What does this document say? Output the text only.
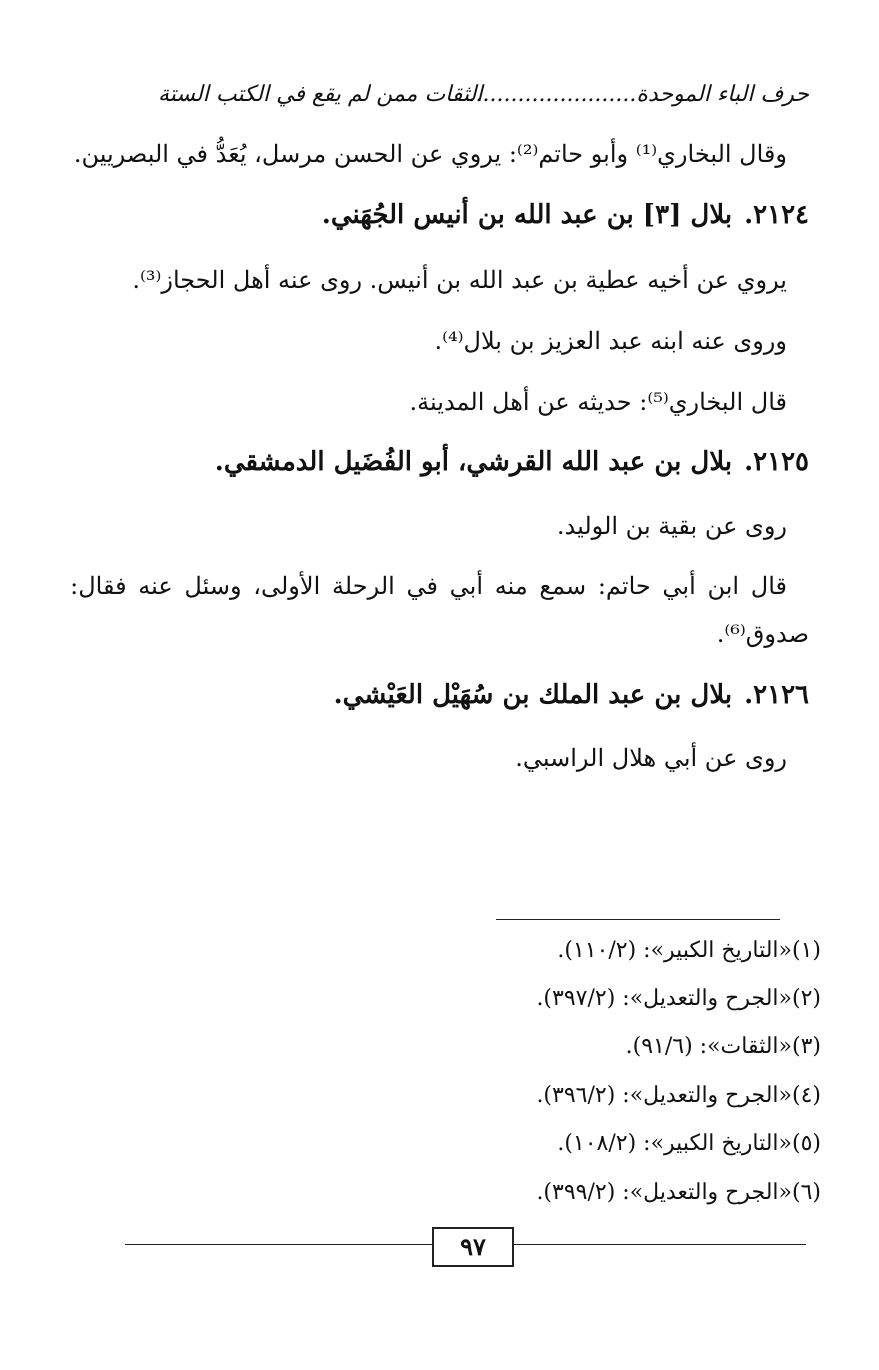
حرف الباء الموحدة........................
الثقات ممن لم يقع في الكتب الستة
وقال البخاري⁽¹⁾ وأبو حاتم⁽²⁾: يروي عن الحسن مرسل، يُعَدُّ في البصريين.
٢١٢٤.بلال [٣] بن عبد الله بن أنيس الجُهَني.
يروي عن أخيه عطية بن عبد الله بن أنيس. روى عنه أهل الحجاز⁽³⁾.
وروى عنه ابنه عبد العزيز بن بلال⁽⁴⁾.
قال البخاري⁽⁵⁾: حديثه عن أهل المدينة.
٢١٢٥.بلال بن عبد الله القرشي، أبو الفُضَيل الدمشقي.
روى عن بقية بن الوليد.
قال
ابن
أبي
حاتم:
سمع
منه
أبي
في
الرحلة
الأولى،
وسئل
عنه
فقال:
صدوق⁽⁶⁾.
٢١٢٦.بلال بن عبد الملك بن سُهَيْل العَيْشي.
روى عن أبي هلال الراسبي.
(١)«التاريخ الكبير»: (١١٠/٢).
(٢)«الجرح والتعديل»: (٣٩٧/٢).
(٣)«الثقات»: (٩١/٦).
(٤)«الجرح والتعديل»: (٣٩٦/٢).
(٥)«التاريخ الكبير»: (١٠٨/٢).
(٦)«الجرح والتعديل»: (٣٩٩/٢).
٩٧
